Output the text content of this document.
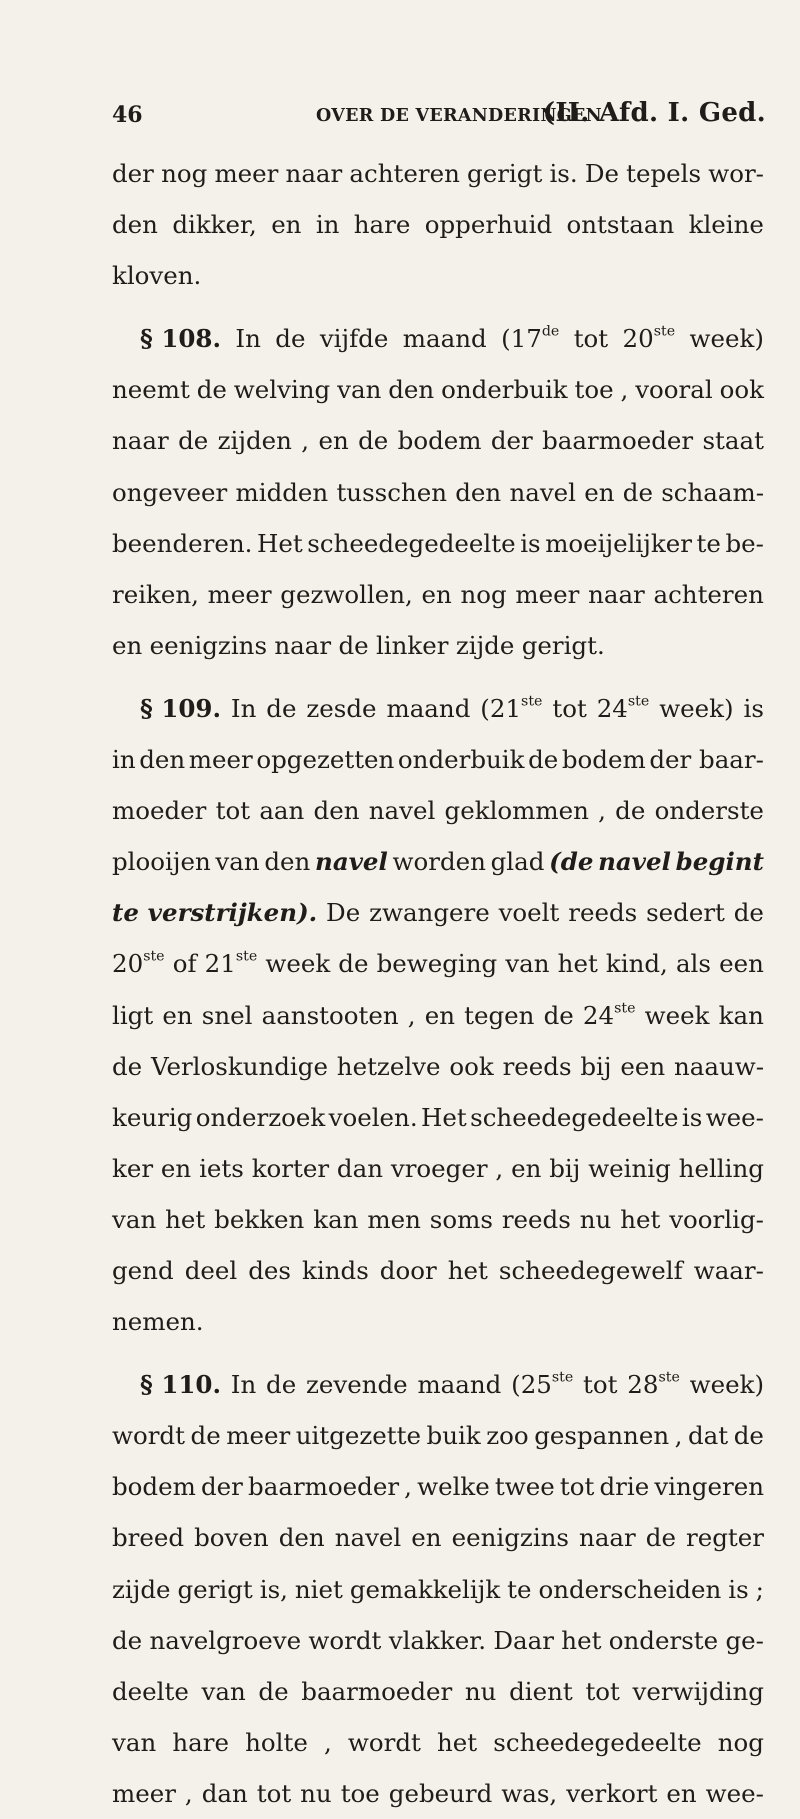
46	OVER DE VERANDERINGEN
(II. Afd. I. Ged.
der nog meer naar achteren gerigt is. De tepels wor-
den dikker, en in hare opperhuid ontstaan kleine
kloven.
§ 108. In de vijfde maand (17de tot 20ste week)
neemt de welving van den onderbuik toe , vooral ook
naar de zijden , en de bodem der baarmoeder staat
ongeveer midden tusschen den navel en de schaam-
beenderen. Het scheedegedeelte is moeijelijker te be-
reiken, meer gezwollen, en nog meer naar achteren
en eenigzins naar de linker zijde gerigt.
§ 109. In de zesde maand (21ste tot 24ste week) is
in den meer opgezetten onderbuik de bodem der baar-
moeder tot aan den navel geklommen , de onderste
plooijen van den navel worden glad (de navel begint
te verstrijken). De zwangere voelt reeds sedert de
20ste of 21ste week de beweging van het kind, als een
ligt en snel aanstooten , en tegen de 24ste week kan
de Verloskundige hetzelve ook reeds bij een naauw-
keurig onderzoek voelen. Het scheedegedeelte is wee-
ker en iets korter dan vroeger , en bij weinig helling
van het bekken kan men soms reeds nu het voorlig-
gend deel des kinds door het scheedegewelf waar-
nemen.
§ 110. In de zevende maand (25ste tot 28ste week)
wordt de meer uitgezette buik zoo gespannen , dat de
bodem der baarmoeder , welke twee tot drie vingeren
breed boven den navel en eenigzins naar de regter
zijde gerigt is, niet gemakkelijk te onderscheiden is ;
de navelgroeve wordt vlakker. Daar het onderste ge-
deelte van de baarmoeder nu dient tot verwijding
van hare holte , wordt het scheedegedeelte nog
meer , dan tot nu toe gebeurd was, verkort en wee-
